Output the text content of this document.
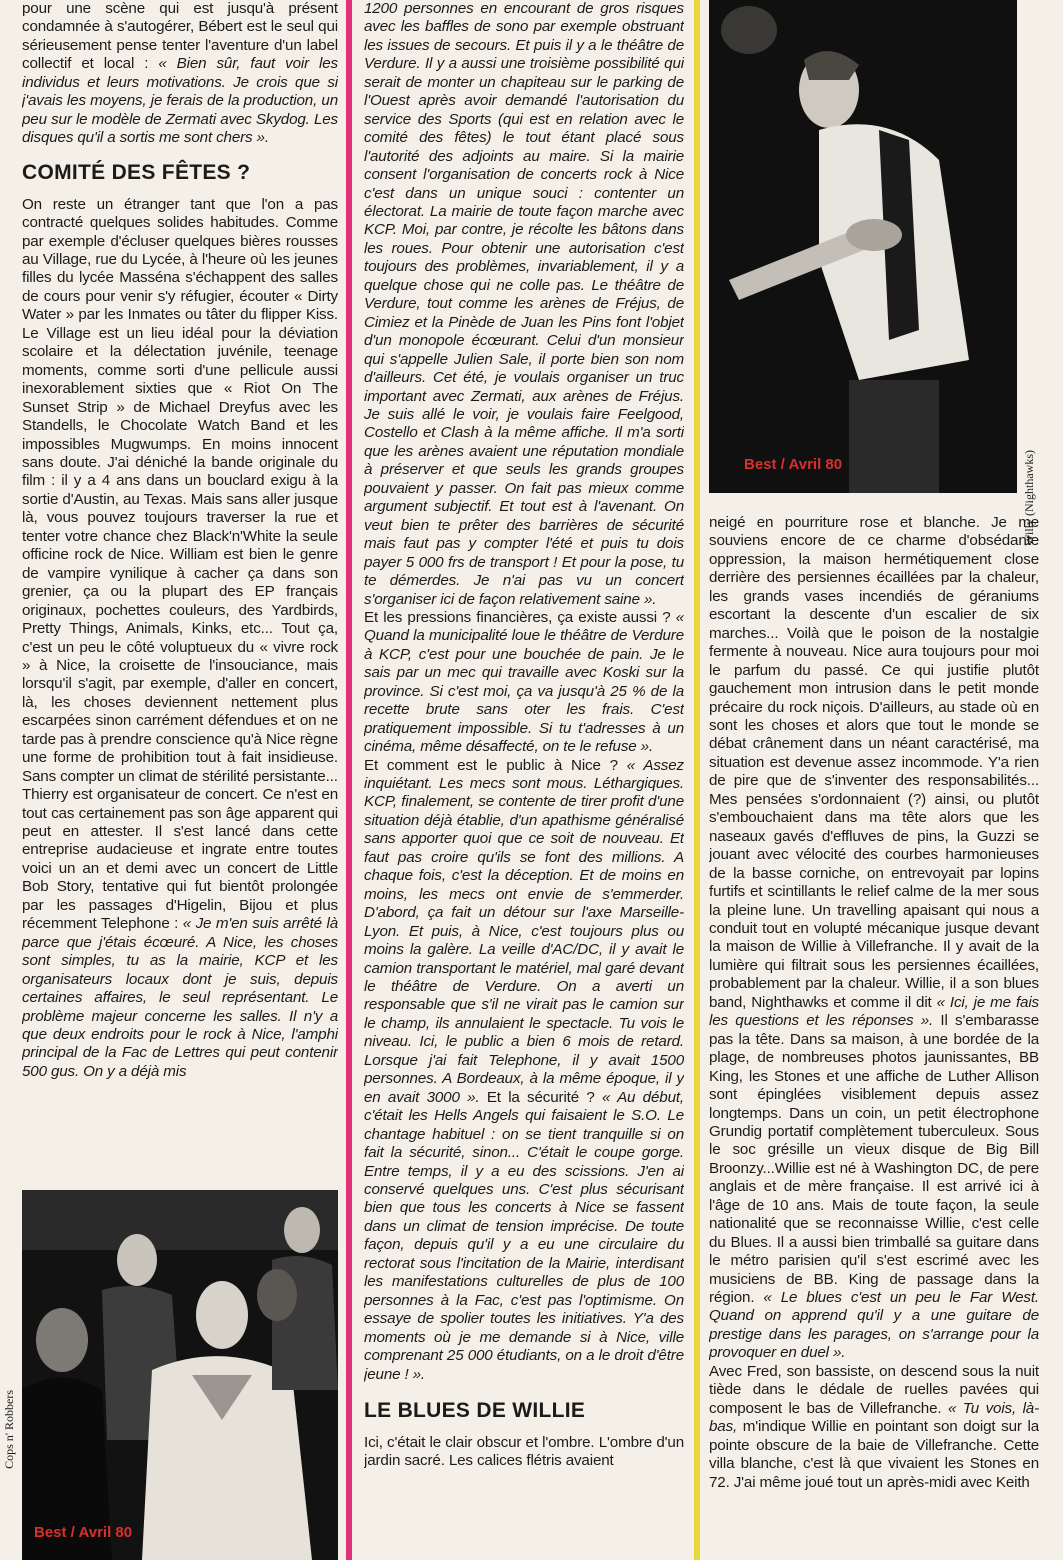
pour une scène qui est jusqu'à présent condamnée à s'autogérer, Bébert est le seul qui sérieusement pense tenter l'aventure d'un label collectif et local : « Bien sûr, faut voir les individus et leurs motivations. Je crois que si j'avais les moyens, je ferais de la production, un peu sur le modèle de Zermati avec Skydog. Les disques qu'il a sortis me sont chers ».

COMITÉ DES FÊTES ?

On reste un étranger tant que l'on a pas contracté quelques solides habitudes. Comme par exemple d'écluser quelques bières rousses au Village, rue du Lycée, à l'heure où les jeunes filles du lycée Masséna s'échappent des salles de cours pour venir s'y réfugier, écouter « Dirty Water » par les Inmates ou tâter du flipper Kiss. Le Village est un lieu idéal pour la déviation scolaire et la délectation juvénile, teenage moments, comme sorti d'une pellicule aussi inexorablement sixties que « Riot On The Sunset Strip » de Michael Dreyfus avec les Standells, le Chocolate Watch Band et les impossibles Mugwumps. En moins innocent sans doute. J'ai déniché la bande originale du film : il y a 4 ans dans un bouclard exigu à la sortie d'Austin, au Texas. Mais sans aller jusque là, vous pouvez toujours traverser la rue et tenter votre chance chez Black'n'White la seule officine rock de Nice. William est bien le genre de vampire vynilique à cacher ça dans son grenier, ça ou la plupart des EP français originaux, pochettes couleurs, des Yardbirds, Pretty Things, Animals, Kinks, etc... Tout ça, c'est un peu le côté voluptueux du « vivre rock » à Nice, la croisette de l'insouciance, mais lorsqu'il s'agit, par exemple, d'aller en concert, là, les choses deviennent nettement plus escarpées sinon carrément défendues et on ne tarde pas à prendre conscience qu'à Nice règne une forme de prohibition tout à fait insidieuse. Sans compter un climat de stérilité persistante...

Thierry est organisateur de concert. Ce n'est en tout cas certainement pas son âge apparent qui peut en attester. Il s'est lancé dans cette entreprise audacieuse et ingrate entre toutes voici un an et demi avec un concert de Little Bob Story, tentative qui fut bientôt prolongée par les passages d'Higelin, Bijou et plus récemment Telephone : « Je m'en suis arrêté là parce que j'étais écœuré. A Nice, les choses sont simples, tu as la mairie, KCP et les organisateurs locaux dont je suis, depuis certaines affaires, le seul représentant. Le problème majeur concerne les salles. Il n'y a que deux endroits pour le rock à Nice, l'amphi principal de la Fac de Lettres qui peut contenir 500 gus. On y a déjà mis

Best / Avril 80

1200 personnes en encourant de gros risques avec les baffles de sono par exemple obstruant les issues de secours. Et puis il y a le théâtre de Verdure. Il y a aussi une troisième possibilité qui serait de monter un chapiteau sur le parking de l'Ouest après avoir demandé l'autorisation du service des Sports (qui est en relation avec le comité des fêtes) le tout étant placé sous l'autorité des adjoints au maire. Si la mairie consent l'organisation de concerts rock à Nice c'est dans un unique souci : contenter un électorat. La mairie de toute façon marche avec KCP. Moi, par contre, je récolte les bâtons dans les roues. Pour obtenir une autorisation c'est toujours des problèmes, invariablement, il y a quelque chose qui ne colle pas. Le théâtre de Verdure, tout comme les arènes de Fréjus, de Cimiez et la Pinède de Juan les Pins font l'objet d'un monopole écœurant. Celui d'un monsieur qui s'appelle Julien Sale, il porte bien son nom d'ailleurs. Cet été, je voulais organiser un truc important avec Zermati, aux arènes de Fréjus. Je suis allé le voir, je voulais faire Feelgood, Costello et Clash à la même affiche. Il m'a sorti que les arènes avaient une réputation mondiale à préserver et que seuls les grands groupes pouvaient y passer. On fait pas mieux comme argument subjectif. Et tout est à l'avenant. On veut bien te prêter des barrières de sécurité mais faut pas y compter l'été et puis tu dois payer 5 000 frs de transport ! Et pour la pose, tu te démerdes. Je n'ai pas vu un concert s'organiser ici de façon relativement saine ».

Et les pressions financières, ça existe aussi ? « Quand la municipalité loue le théâtre de Verdure à KCP, c'est pour une bouchée de pain. Je le sais par un mec qui travaille avec Koski sur la province. Si c'est moi, ça va jusqu'à 25 % de la recette brute sans oter les frais. C'est pratiquement impossible. Si tu t'adresses à un cinéma, même désaffecté, on te le refuse ».

Et comment est le public à Nice ? « Assez inquiétant. Les mecs sont mous. Léthargiques. KCP, finalement, se contente de tirer profit d'une situation déjà établie, d'un apathisme généralisé sans apporter quoi que ce soit de nouveau. Et faut pas croire qu'ils se font des millions. A chaque fois, c'est la déception. Et de moins en moins, les mecs ont envie de s'emmerder. D'abord, ça fait un détour sur l'axe Marseille-Lyon. Et puis, à Nice, c'est toujours plus ou moins la galère. La veille d'AC/DC, il y avait le camion transportant le matériel, mal garé devant le théâtre de Verdure. On a averti un responsable que s'il ne virait pas le camion sur le champ, ils annulaient le spectacle. Tu vois le niveau. Ici, le public a bien 6 mois de retard. Lorsque j'ai fait Telephone, il y avait 1500 personnes. A Bordeaux, à la même époque, il y en avait 3000 ». Et la sécurité ? « Au début, c'était les Hells Angels qui faisaient le S.O. Le chantage habituel : on se tient tranquille si on fait la sécurité, sinon... C'était le coupe gorge. Entre temps, il y a eu des scissions. J'en ai conservé quelques uns. C'est plus sécurisant bien que tous les concerts à Nice se fassent dans un climat de tension imprécise. De toute façon, depuis qu'il y a eu une circulaire du rectorat sous l'incitation de la Mairie, interdisant les manifestations culturelles de plus de 100 personnes à la Fac, c'est pas l'optimisme. On essaye de spolier toutes les initiatives. Y'a des moments où je me demande si à Nice, ville comprenant 25 000 étudiants, on a le droit d'être jeune ! ».

LE BLUES DE WILLIE

Ici, c'était le clair obscur et l'ombre. L'ombre d'un jardin sacré. Les calices flétris avaient

Best / Avril 80	Willy (Nighthawks)

neigé en pourriture rose et blanche. Je me souviens encore de ce charme d'obsédante oppression, la maison hermétiquement close derrière des persiennes écaillées par la chaleur, les grands vases incendiés de géraniums escortant la descente d'un escalier de six marches... Voilà que le poison de la nostalgie fermente à nouveau. Nice aura toujours pour moi le parfum du passé. Ce qui justifie plutôt gauchement mon intrusion dans le petit monde précaire du rock niçois. D'ailleurs, au stade où en sont les choses et alors que tout le monde se débat crânement dans un néant caractérisé, ma situation est devenue assez incommode. Y'a rien de pire que de s'inventer des responsabilités... Mes pensées s'ordonnaient (?) ainsi, ou plutôt s'embouchaient dans ma tête alors que les naseaux gavés d'effluves de pins, la Guzzi se jouant avec vélocité des courbes harmonieuses de la basse corniche, on entrevoyait par lopins furtifs et scintillants le relief calme de la mer sous la pleine lune. Un travelling apaisant qui nous a conduit tout en volupté mécanique jusque devant la maison de Willie à Villefranche. Il y avait de la lumière qui filtrait sous les persiennes écaillées, probablement par la chaleur. Willie, il a son blues band, Nighthawks et comme il dit « Ici, je me fais les questions et les réponses ». Il s'embarasse pas la tête. Dans sa maison, à une bordée de la plage, de nombreuses photos jaunissantes, BB King, les Stones et une affiche de Luther Allison sont épinglées visiblement depuis assez longtemps. Dans un coin, un petit électrophone Grundig portatif complètement tuberculeux. Sous le soc grésille un vieux disque de Big Bill Broonzy...Willie est né à Washington DC, de pere anglais et de mère française. Il est arrivé ici à l'âge de 10 ans. Mais de toute façon, la seule nationalité que se reconnaisse Willie, c'est celle du Blues. Il a aussi bien trimballé sa guitare dans le métro parisien qu'il s'est escrimé avec les musiciens de BB. King de passage dans la région. « Le blues c'est un peu le Far West. Quand on apprend qu'il y a une guitare de prestige dans les parages, on s'arrange pour la provoquer en duel ».

Avec Fred, son bassiste, on descend sous la nuit tiède dans le dédale de ruelles pavées qui composent le bas de Villefranche. « Tu vois, là-bas, m'indique Willie en pointant son doigt sur la pointe obscure de la baie de Villefranche. Cette villa blanche, c'est là que vivaient les Stones en 72. J'ai même joué tout un après-midi avec Keith

Cops n' Robbers
